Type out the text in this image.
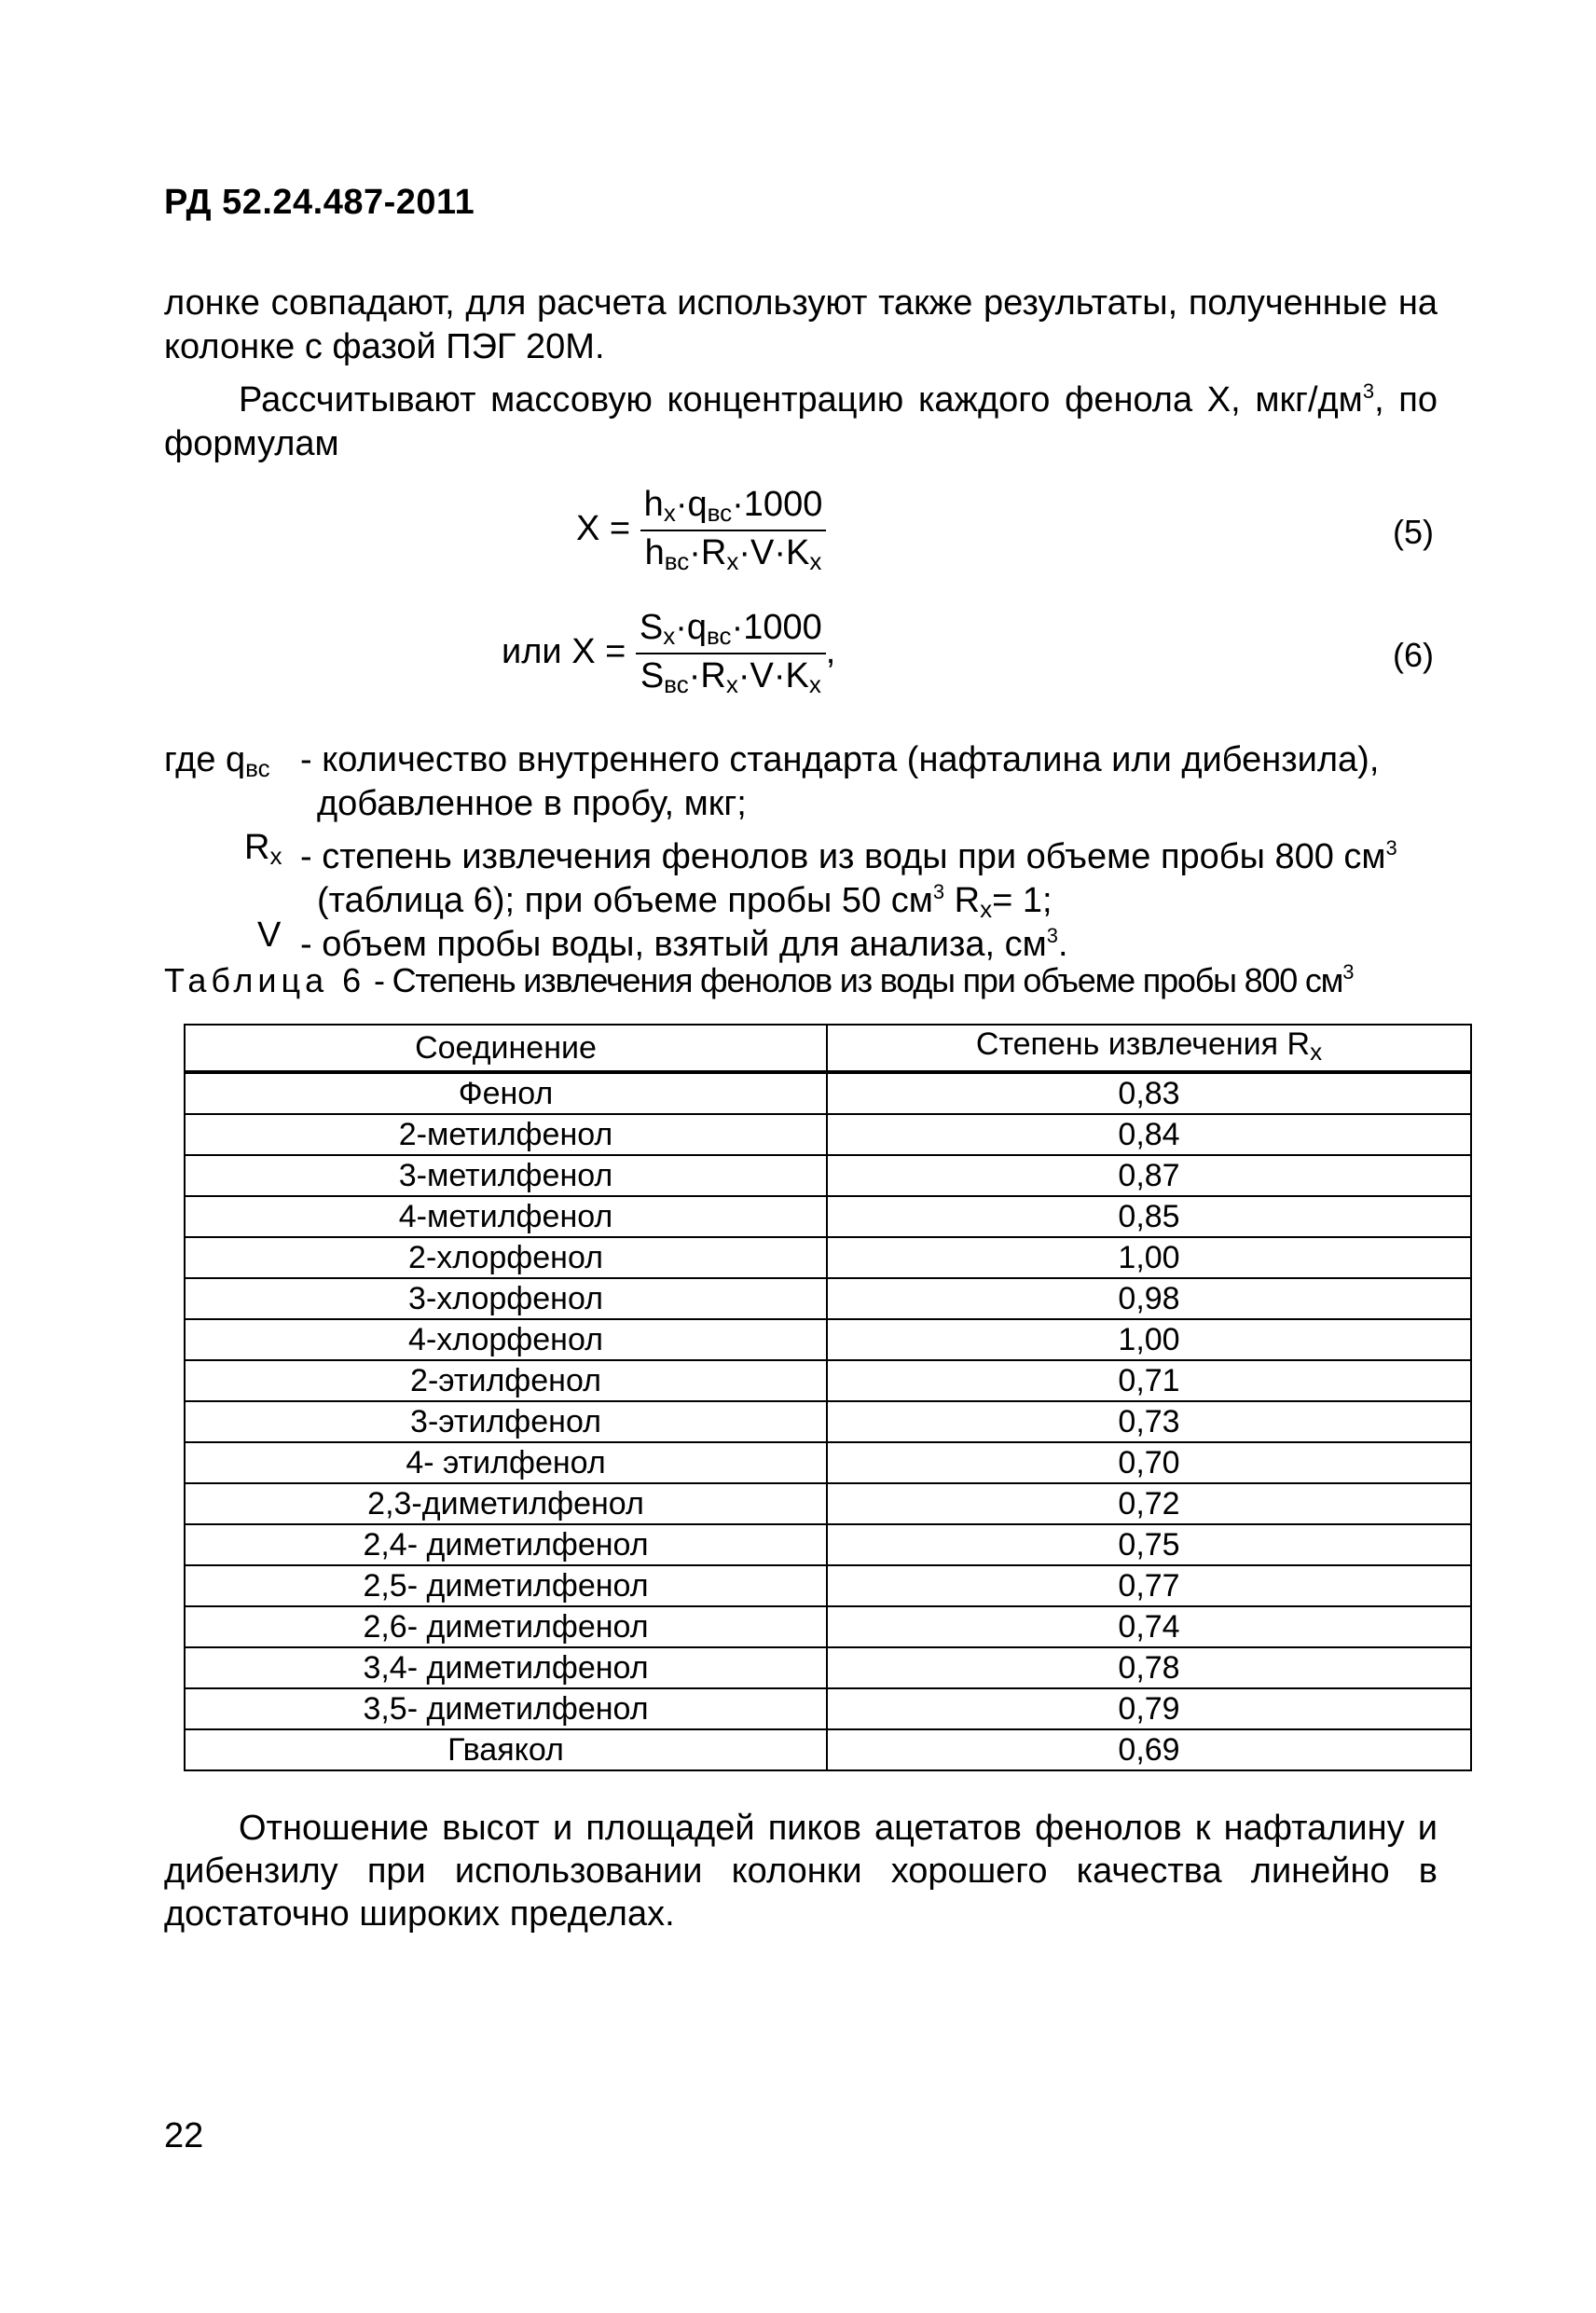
РД 52.24.487-2011
лонке совпадают, для расчета используют также результаты, полученные на колонке с фазой ПЭГ 20М.
Рассчитывают массовую концентрацию каждого фенола X, мкг/$дм^3$, по формулам
$X = \frac{h_x\cdot q_{вс}\cdot 1000}{h_{вс}\cdot R_x\cdot V\cdot K_x}$	(5)
или $X = \frac{S_x\cdot q_{вс}\cdot 1000}{S_{вс}\cdot R_x\cdot V\cdot K_x}$ ,	(6)
где $q_{вс}$ - количество внутреннего стандарта (нафталина или дибензила),
добавленное в пробу, мкг;
$R_x$ - степень извлечения фенолов из воды при объеме пробы 800 $см^3$
(таблица 6); при объеме пробы 50 $см^3$ $R_x= 1$;
V - объем пробы воды, взятый для анализа, $см^3$.
Таблица 6 - Степень извлечения фенолов из воды при объеме пробы 800 $см^3$
Соединение	Степень извлечения $R_x$
Фенол	0,83
2-метилфенол	0,84
3-метилфенол	0,87
4-метилфенол	0,85
2-хлорфенол	1,00
3-хлорфенол	0,98
4-хлорфенол	1,00
2-этилфенол	0,71
3-этилфенол	0,73
4- этилфенол	0,70
2,3-диметилфенол	0,72
2,4- диметилфенол	0,75
2,5- диметилфенол	0,77
2,6- диметилфенол	0,74
3,4- диметилфенол	0,78
3,5- диметилфенол	0,79
Гваякол	0,69
Отношение высот и площадей пиков ацетатов фенолов к нафталину и дибензилу при использовании колонки хорошего качества линейно в достаточно широких пределах.
22
